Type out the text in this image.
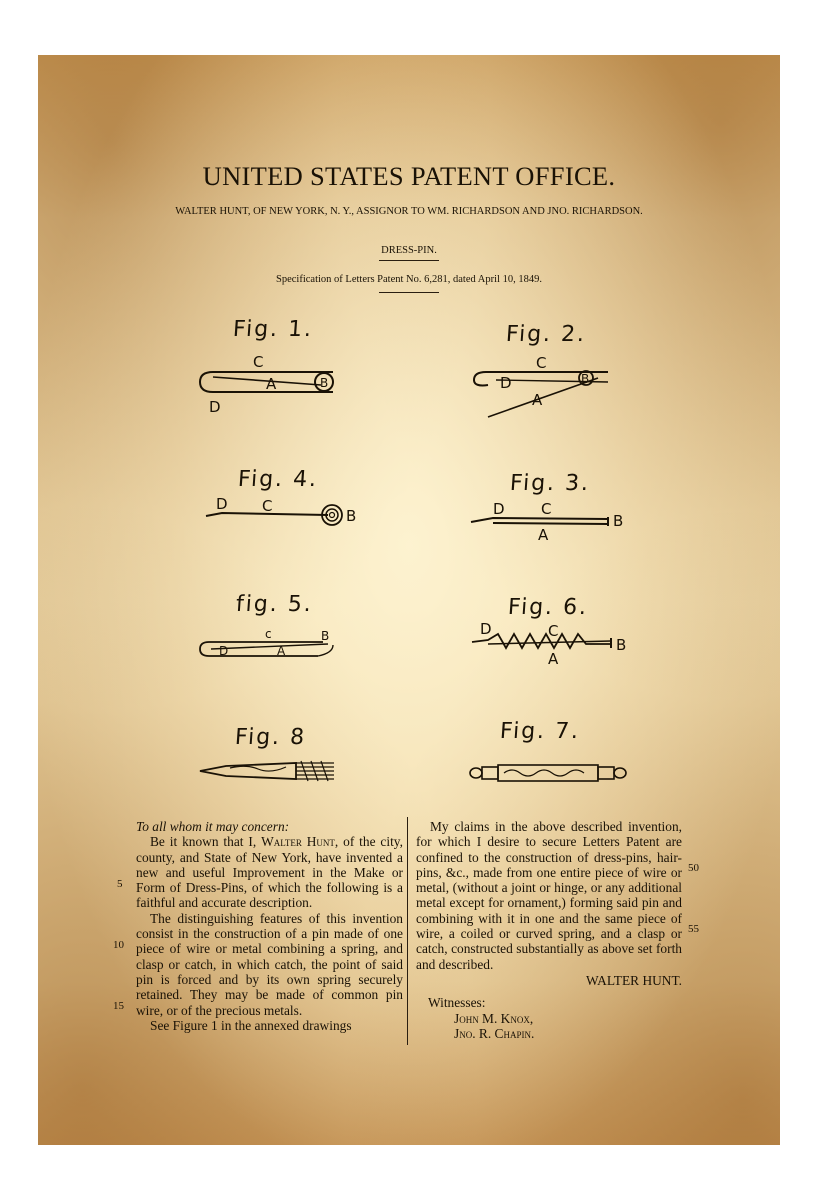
UNITED STATES PATENT OFFICE.

WALTER HUNT, OF NEW YORK, N. Y., ASSIGNOR TO WM. RICHARDSON AND JNO. RICHARDSON.

DRESS-PIN.

Specification of Letters Patent No. 6,281, dated April 10, 1849.

Fig. 1.
C
A	B
D
Fig. 2.
C
D	B
A
Fig. 4.
D C
B
Fig. 3.
D C
B
A
fig. 5.
c	B
D	A
Fig. 6.
D	C
A
B
Fig. 8	Fig. 7.

To all whom it may concern:

Be it known that I, Walter Hunt, of the city, county, and State of New York, have invented a new and useful Improvement in the Make or Form of Dress-Pins, of which the following is a faithful and accurate description.

The distinguishing features of this invention consist in the construction of a pin made of one piece of wire or metal combining a spring, and clasp or catch, in which catch, the point of said pin is forced and by its own spring securely retained. They may be made of common pin wire, or of the precious metals.

See Figure 1 in the annexed drawings

5
10
15

My claims in the above described invention, for which I desire to secure Letters Patent are confined to the construction of dress-pins, hair-pins, &c., made from one entire piece of wire or metal, (without a joint or hinge, or any additional metal except for ornament,) forming said pin and combining with it in one and the same piece of wire, a coiled or curved spring, and a clasp or catch, constructed substantially as above set forth and described.

WALTER HUNT.

Witnesses:

John M. Knox,

Jno. R. Chapin.

50
55
